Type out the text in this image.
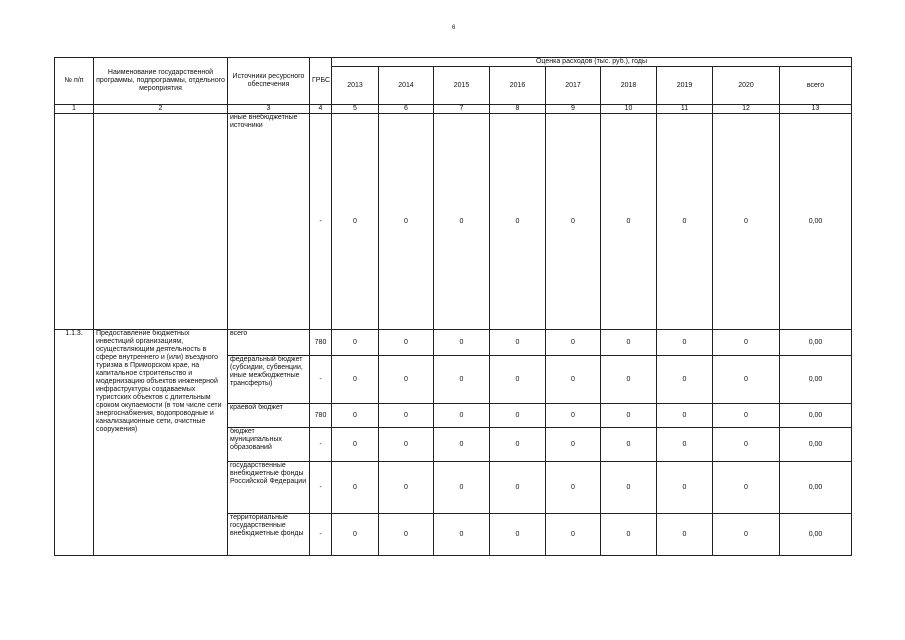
6
№ п/п	Наименование государственной программы, подпрограммы, отдельного мероприятия	Источники ресурсного обеспечения	ГРБС	Оценка расходов (тыс. руб.), годы								
				2013	2014	2015	2016	2017	2018	2019	2020	всего
1	2	3	4	5	6	7	8	9	10	11	12	13
		иные внебюджетные источники	-	0	0	0	0	0	0	0	0	0,00
1.1.3.	Предоставление бюджетных инвестиций организациям, осуществляющим деятельность в сфере внутреннего и (или) въездного туризма в Приморском крае, на капитальное строительство и модернизацию объектов инженерной инфраструктуры создаваемых туристских объектов с длительным сроком окупаемости (в том числе сети энергоснабжения, водопроводные и канализационные сети, очистные сооружения)	всего	780	0	0	0	0	0	0	0	0	0,00
		федеральный бюджет (субсидии, субвенции, иные межбюджетные трансферты)	-	0	0	0	0	0	0	0	0	0,00
		краевой бюджет	780	0	0	0	0	0	0	0	0	0,00
		бюджет муниципальных образований	-	0	0	0	0	0	0	0	0	0,00
		государственные внебюджетные фонды Российской Федерации	-	0	0	0	0	0	0	0	0	0,00
		территориальные государственные внебюджетные фонды	-	0	0	0	0	0	0	0	0	0,00
